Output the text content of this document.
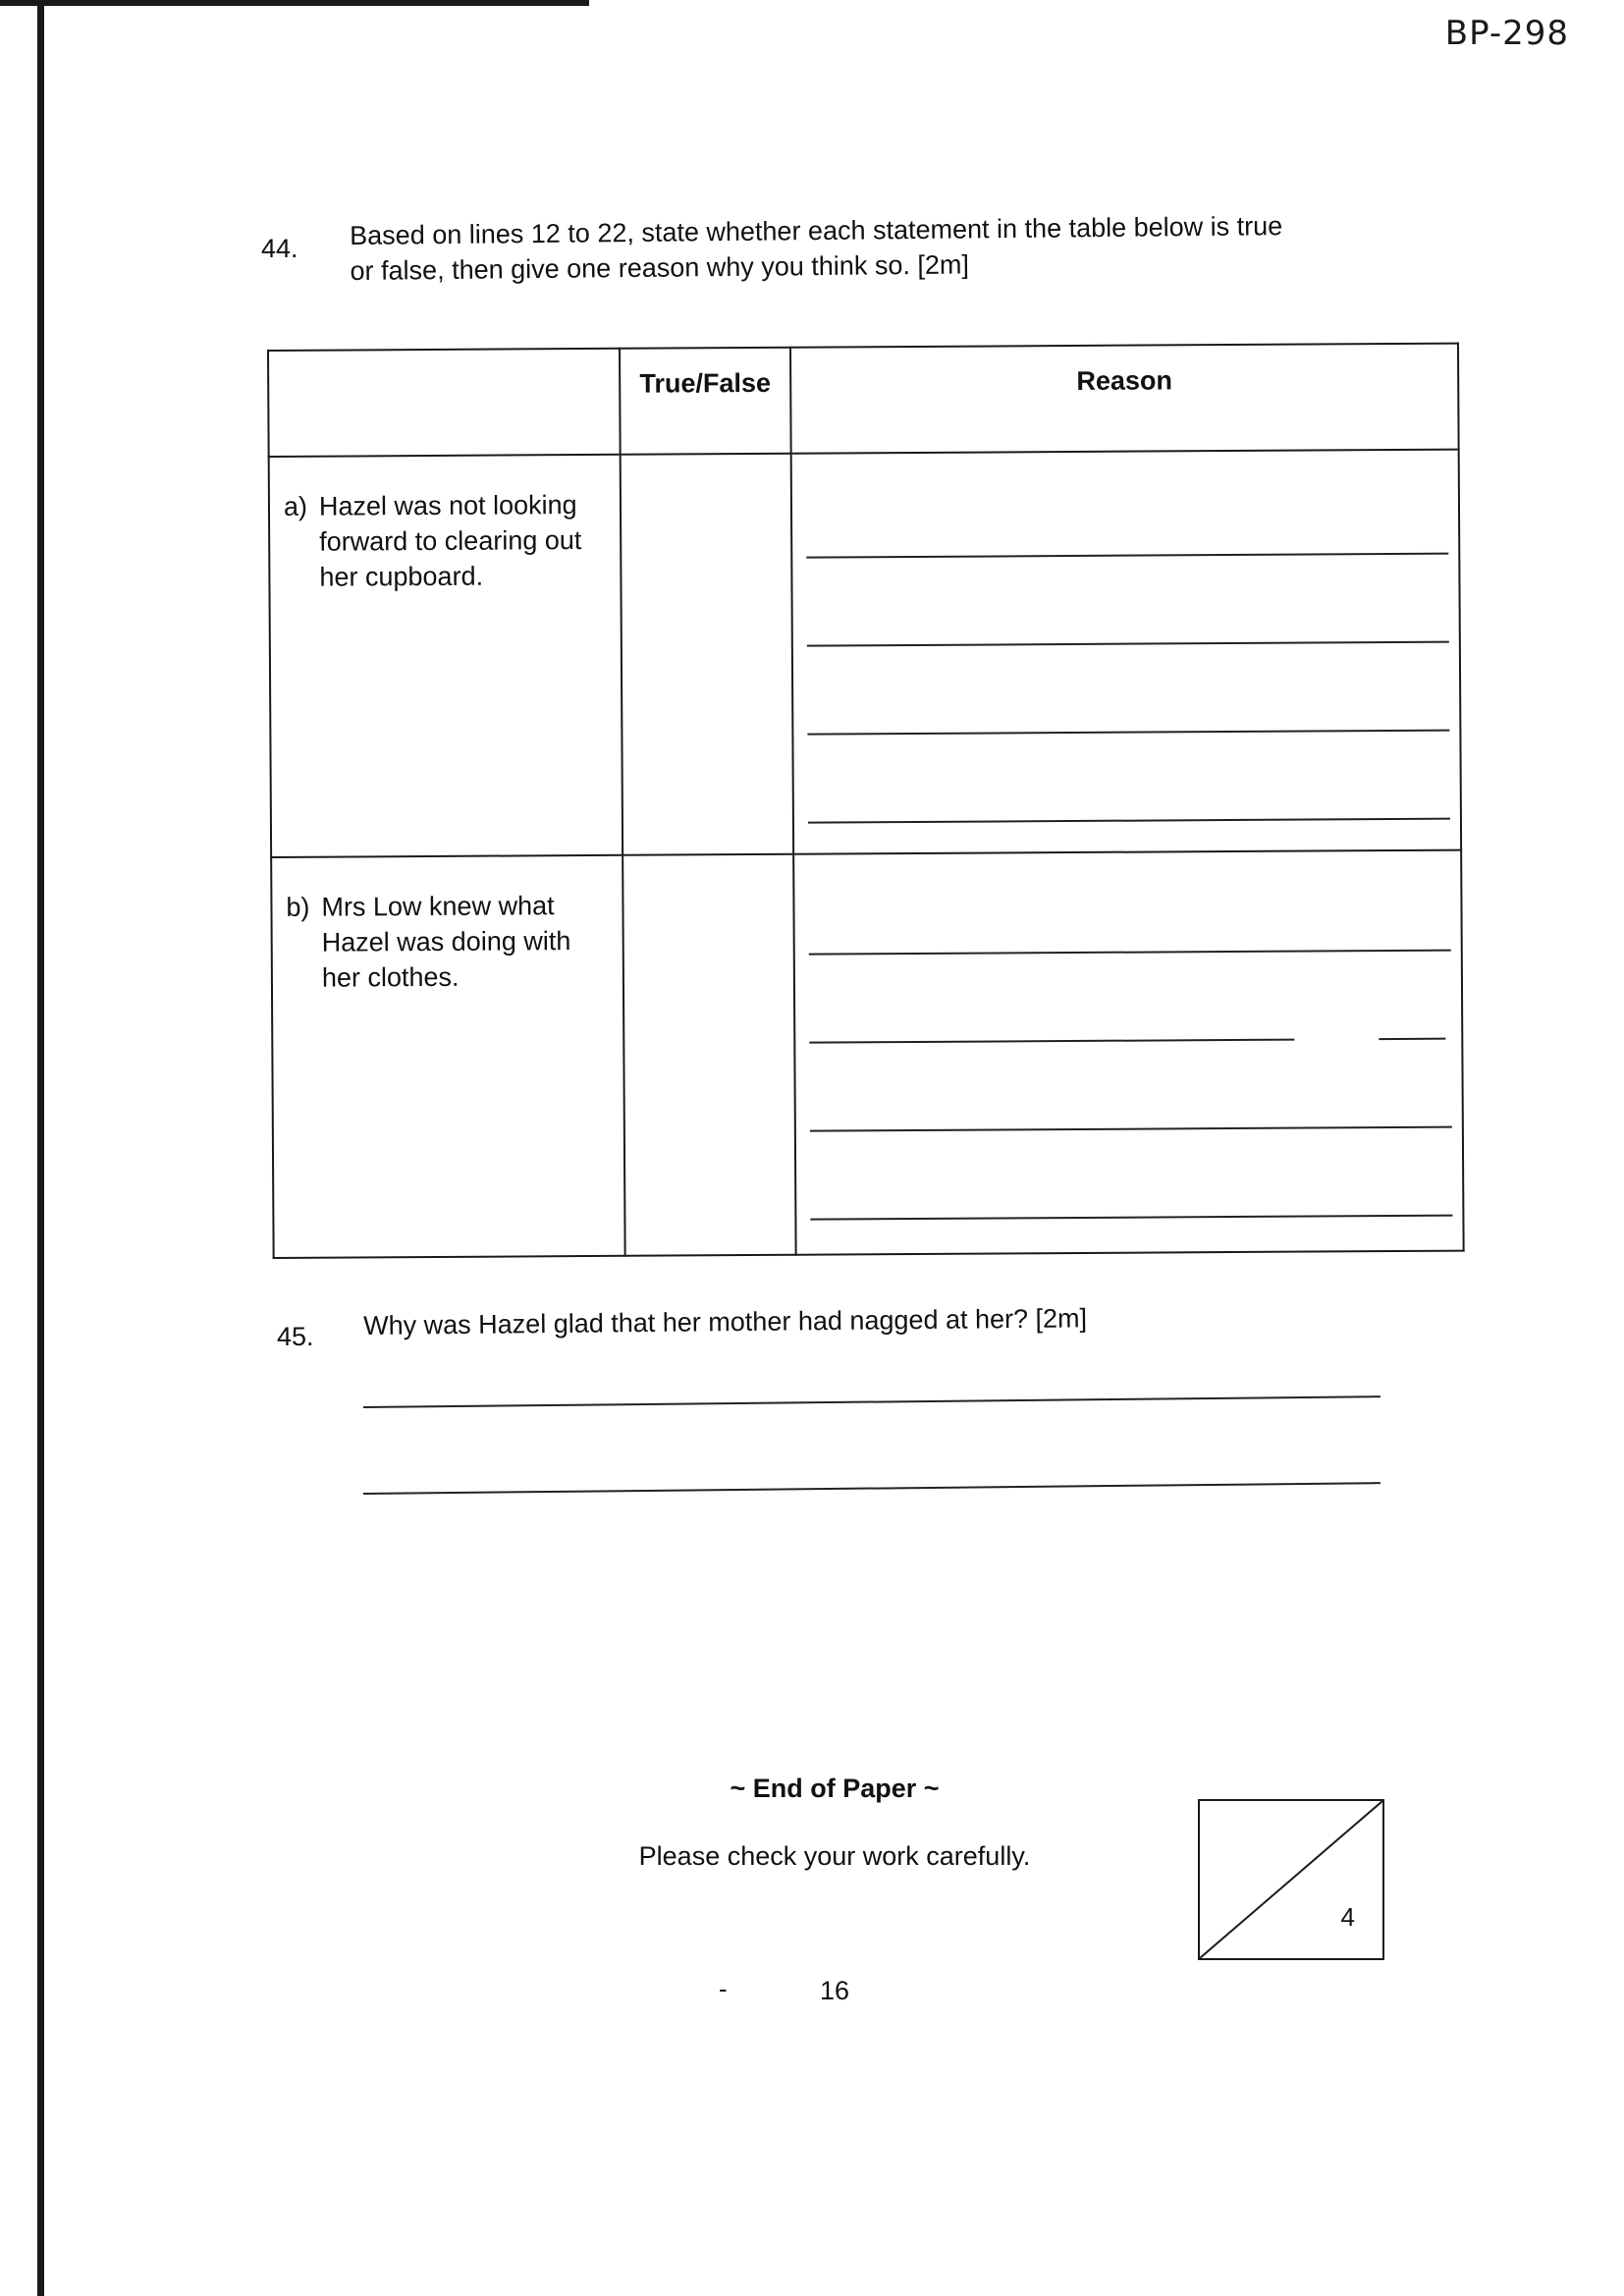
BP-298
44. Based on lines 12 to 22, state whether each statement in the table below is true
or false, then give one reason why you think so. [2m]

	True/False	Reason

a) Hazel was not looking
forward to clearing out
her cupboard.		

b) Mrs Low knew what
Hazel was doing with
her clothes.		

45. Why was Hazel glad that her mother had nagged at her? [2m]
~ End of Paper ~
Please check your work carefully.
4
-	16
